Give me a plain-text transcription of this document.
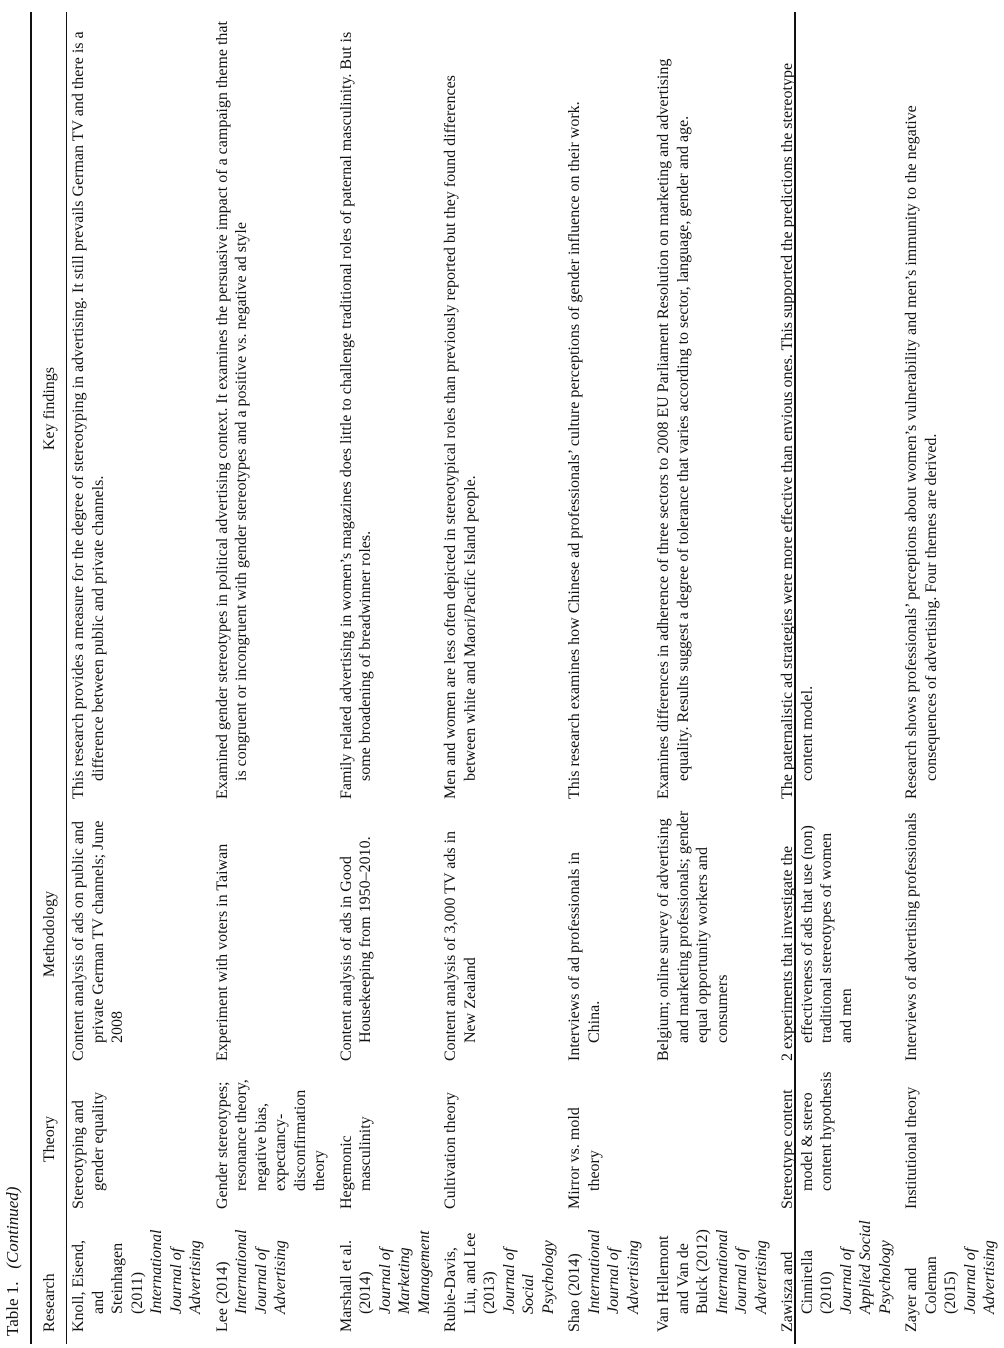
Table 1.   (Continued)
Research	Theory	Methodology	Key findings

Knoll, Eisend, and Steinhagen (2011) International Journal of Advertising	Stereotyping and gender equality	Content analysis of ads on public and private German TV channels; June 2008	This research provides a measure for the degree of stereotyping in advertising. It still prevails German TV and there is a difference between public and private channels.

Lee (2014) International Journal of Advertising	Gender stereotypes; resonance theory, negative bias, expectancy-disconfirmation theory	Experiment with voters in Taiwan	Examined gender stereotypes in political advertising context. It examines the persuasive impact of a campaign theme that is congruent or incongruent with gender stereotypes and a positive vs. negative ad style

Marshall et al. (2014) Journal of Marketing Management	Hegemonic masculinity	Content analysis of ads in Good Housekeeping from 1950–2010.	Family related advertising in women’s magazines does little to challenge traditional roles of paternal masculinity. But is some broadening of breadwinner roles.

Rubie-Davis, Liu, and Lee (2013) Journal of Social Psychology	Cultivation theory	Content analysis of 3,000 TV ads in New Zealand	Men and women are less often depicted in stereotypical roles than previously reported but they found differences between white and Maori/Pacific Island people.

Shao (2014) International Journal of Advertising	Mirror vs. mold theory	Interviews of ad professionals in China.	This research examines how Chinese ad professionals’ culture perceptions of gender influence on their work.

Van Hellemont and Van de Bulck (2012) International Journal of Advertising		Belgium; online survey of advertising and marketing professionals; gender equal opportunity workers and consumers	Examines differences in adherence of three sectors to 2008 EU Parliament Resolution on marketing and advertising equality. Results suggest a degree of tolerance that varies according to sector, language, gender and age.

Zawisza and Cinnirella (2010) Journal of Applied Social Psychology	Stereotype content model & stereo content hypothesis	2 experiments that investigate the effectiveness of ads that use (non) traditional stereotypes of women and men	The paternalistic ad strategies were more effective than envious ones. This supported the predictions the stereotype content model.

Zayer and Coleman (2015) Journal of Advertising	Institutional theory	Interviews of advertising professionals	Research shows professionals’ perceptions about women’s vulnerability and men’s immunity to the negative consequences of advertising. Four themes are derived.
